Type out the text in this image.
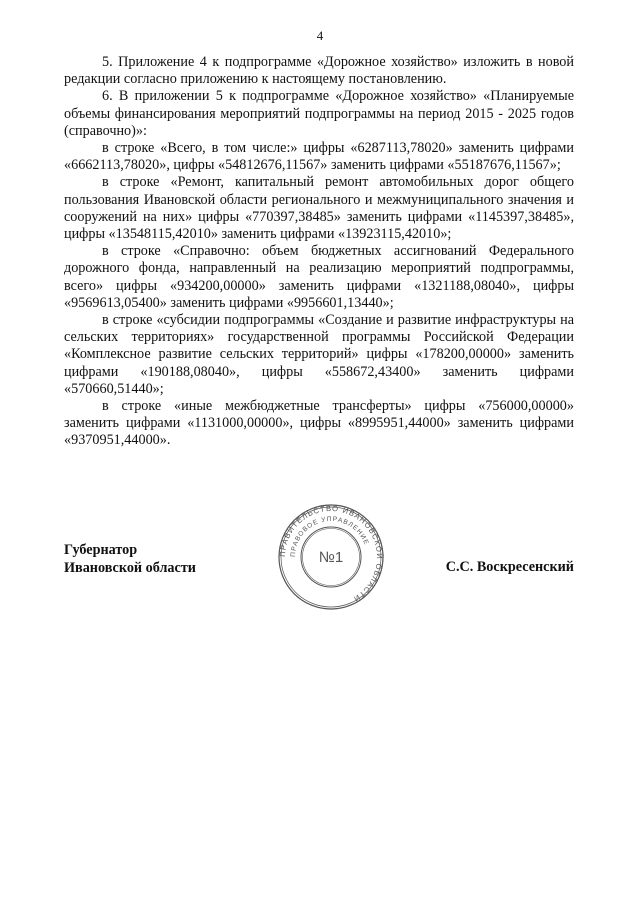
4

5. Приложение 4 к подпрограмме «Дорожное хозяйство» изложить в новой редакции согласно приложению к настоящему постановлению.

6. В приложении 5 к подпрограмме «Дорожное хозяйство» «Планируемые объемы финансирования мероприятий подпрограммы на период 2015 - 2025 годов (справочно)»:

в строке «Всего, в том числе:» цифры «6287113,78020» заменить цифрами «6662113,78020», цифры «54812676,11567» заменить цифрами «55187676,11567»;

в строке «Ремонт, капитальный ремонт автомобильных дорог общего пользования Ивановской области регионального и межмуниципального значения и сооружений на них» цифры «770397,38485» заменить цифрами «1145397,38485», цифры «13548115,42010» заменить цифрами «13923115,42010»;

в строке «Справочно: объем бюджетных ассигнований Федерального дорожного фонда, направленный на реализацию мероприятий подпрограммы, всего» цифры «934200,00000» заменить цифрами «1321188,08040», цифры «9569613,05400» заменить цифрами «9956601,13440»;

в строке «субсидии подпрограммы «Создание и развитие инфраструктуры на сельских территориях» государственной программы Российской Федерации «Комплексное развитие сельских территорий» цифры «178200,00000» заменить цифрами «190188,08040», цифры «558672,43400» заменить цифрами «570660,51440»;

в строке «иные межбюджетные трансферты» цифры «756000,00000» заменить цифрами «1131000,00000», цифры «8995951,44000» заменить цифрами «9370951,44000».

Губернатор
Ивановской области
ПРАВИТЕЛЬСТВО ИВАНОВСКОЙ ОБЛАСТИ
ПРАВОВОЕ УПРАВЛЕНИЕ
№1
С.С. Воскресенский
